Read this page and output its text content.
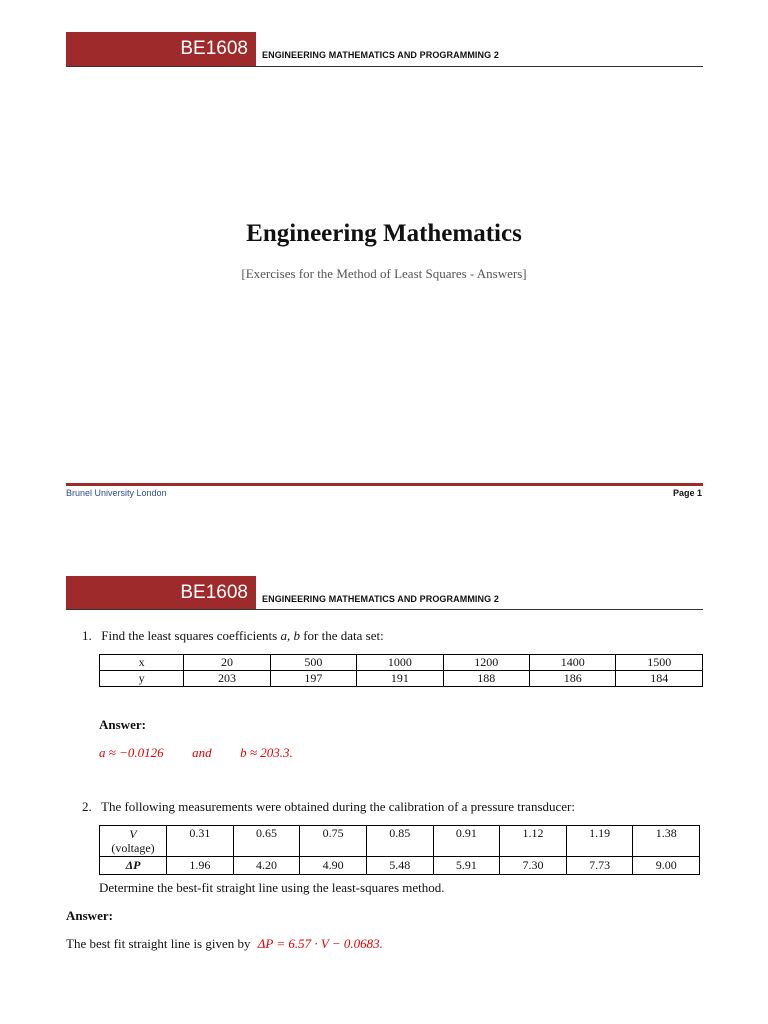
BE1608	ENGINEERING MATHEMATICS AND PROGRAMMING 2
Engineering Mathematics
[Exercises for the Method of Least Squares - Answers]
Brunel University London	Page 1
BE1608	ENGINEERING MATHEMATICS AND PROGRAMMING 2
1. Find the least squares coefficients a, b for the data set:
x	20	500	1000	1200	1400	1500
y	203	197	191	188	186	184
Answer:
a ≈ −0.0126 and b ≈ 203.3.
2. The following measurements were obtained during the calibration of a pressure transducer:
V
(voltage)	0.31	0.65	0.75	0.85	0.91	1.12	1.19	1.38
ΔP	1.96	4.20	4.90	5.48	5.91	7.30	7.73	9.00
Determine the best-fit straight line using the least-squares method.
Answer:
The best fit straight line is given by ΔP = 6.57 · V − 0.0683.
